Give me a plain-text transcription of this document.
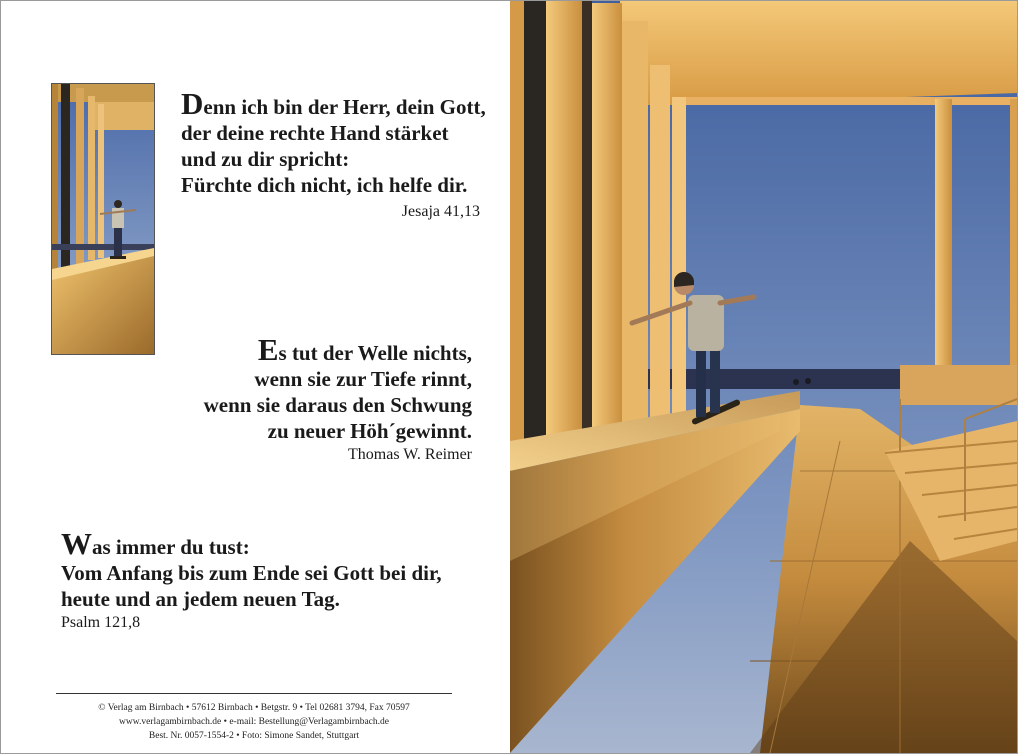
Denn ich bin der Herr, dein Gott,
der deine rechte Hand stärket
und zu dir spricht:
Fürchte dich nicht, ich helfe dir.
Jesaja 41,13
Es tut der Welle nichts,
wenn sie zur Tiefe rinnt,
wenn sie daraus den Schwung
zu neuer Höh´gewinnt.
Thomas W. Reimer
Was immer du tust:
Vom Anfang bis zum Ende sei Gott bei dir,
heute und an jedem neuen Tag.
Psalm 121,8
© Verlag am Birnbach • 57612 Birnbach • Betgstr. 9 • Tel 02681 3794, Fax 70597
www.verlagambirnbach.de • e-mail: Bestellung@Verlagambirnbach.de
Best. Nr. 0057-1554-2 • Foto: Simone Sandet, Stuttgart
